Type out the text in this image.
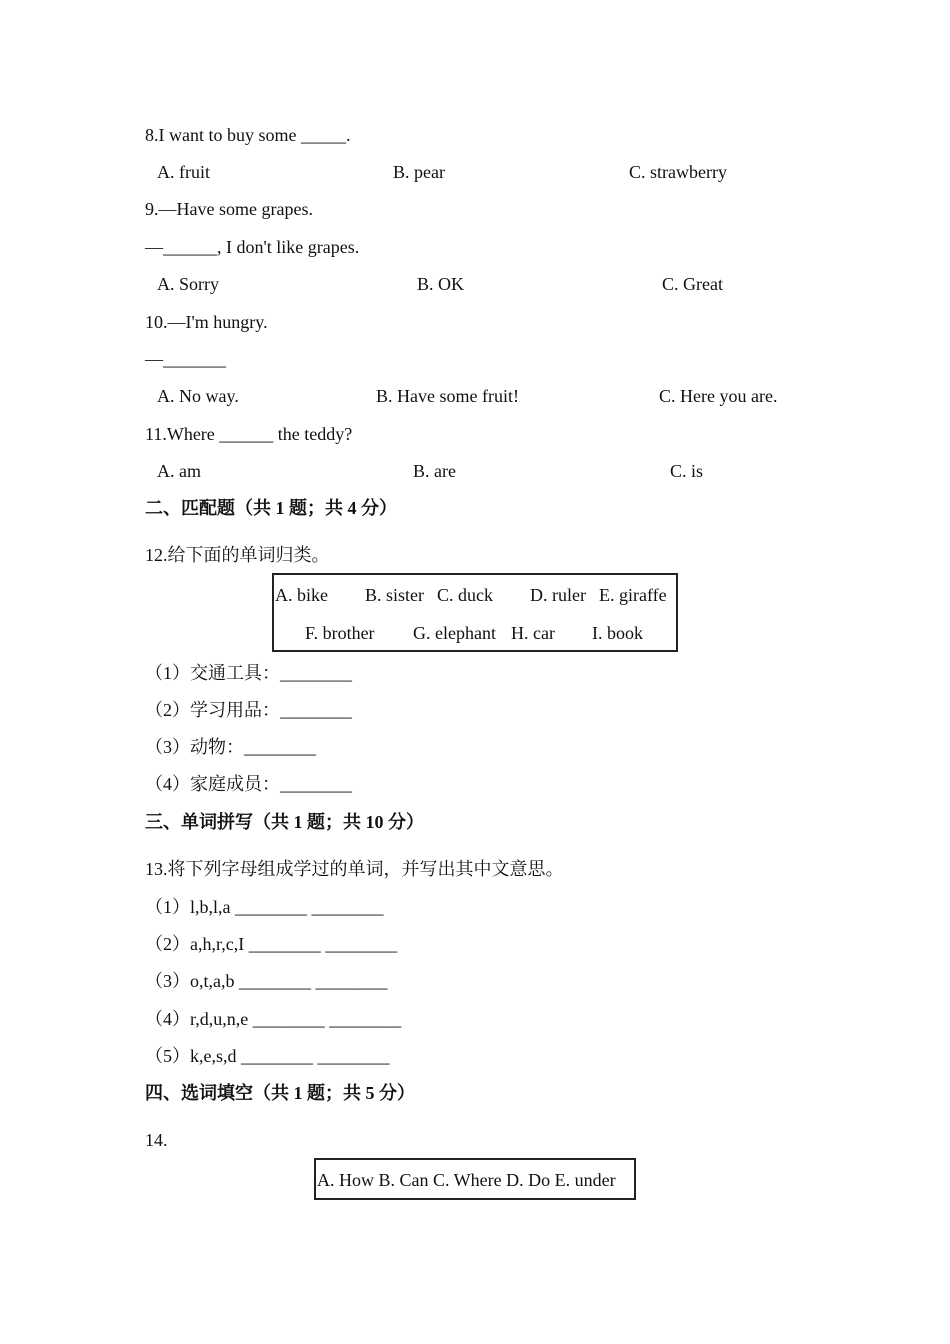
8.I want to buy some _____.
A. fruit	B. pear	C. strawberry
9.—Have some grapes.
—______, I don't like grapes.
A. Sorry	B. OK	C. Great
10.—I'm hungry.
—_______
A. No way.	B. Have some fruit!	C. Here you are.
11.Where ______ the teddy?
A. am	B. are	C. is
二、匹配题（共 1 题；共 4 分）
12.给下面的单词归类。
A. bike B. sister C. duck D. ruler E. giraffe
F. brother G. elephant H. car I. book
（1）交通工具：________
（2）学习用品：________
（3）动物：________
（4）家庭成员：________
三、单词拼写（共 1 题；共 10 分）
13.将下列字母组成学过的单词，并写出其中文意思。
（1）l,b,l,a ________ ________
（2）a,h,r,c,I ________ ________
（3）o,t,a,b ________ ________
（4）r,d,u,n,e ________ ________
（5）k,e,s,d ________ ________
四、选词填空（共 1 题；共 5 分）
14.
A. How B. Can C. Where D. Do E. under
